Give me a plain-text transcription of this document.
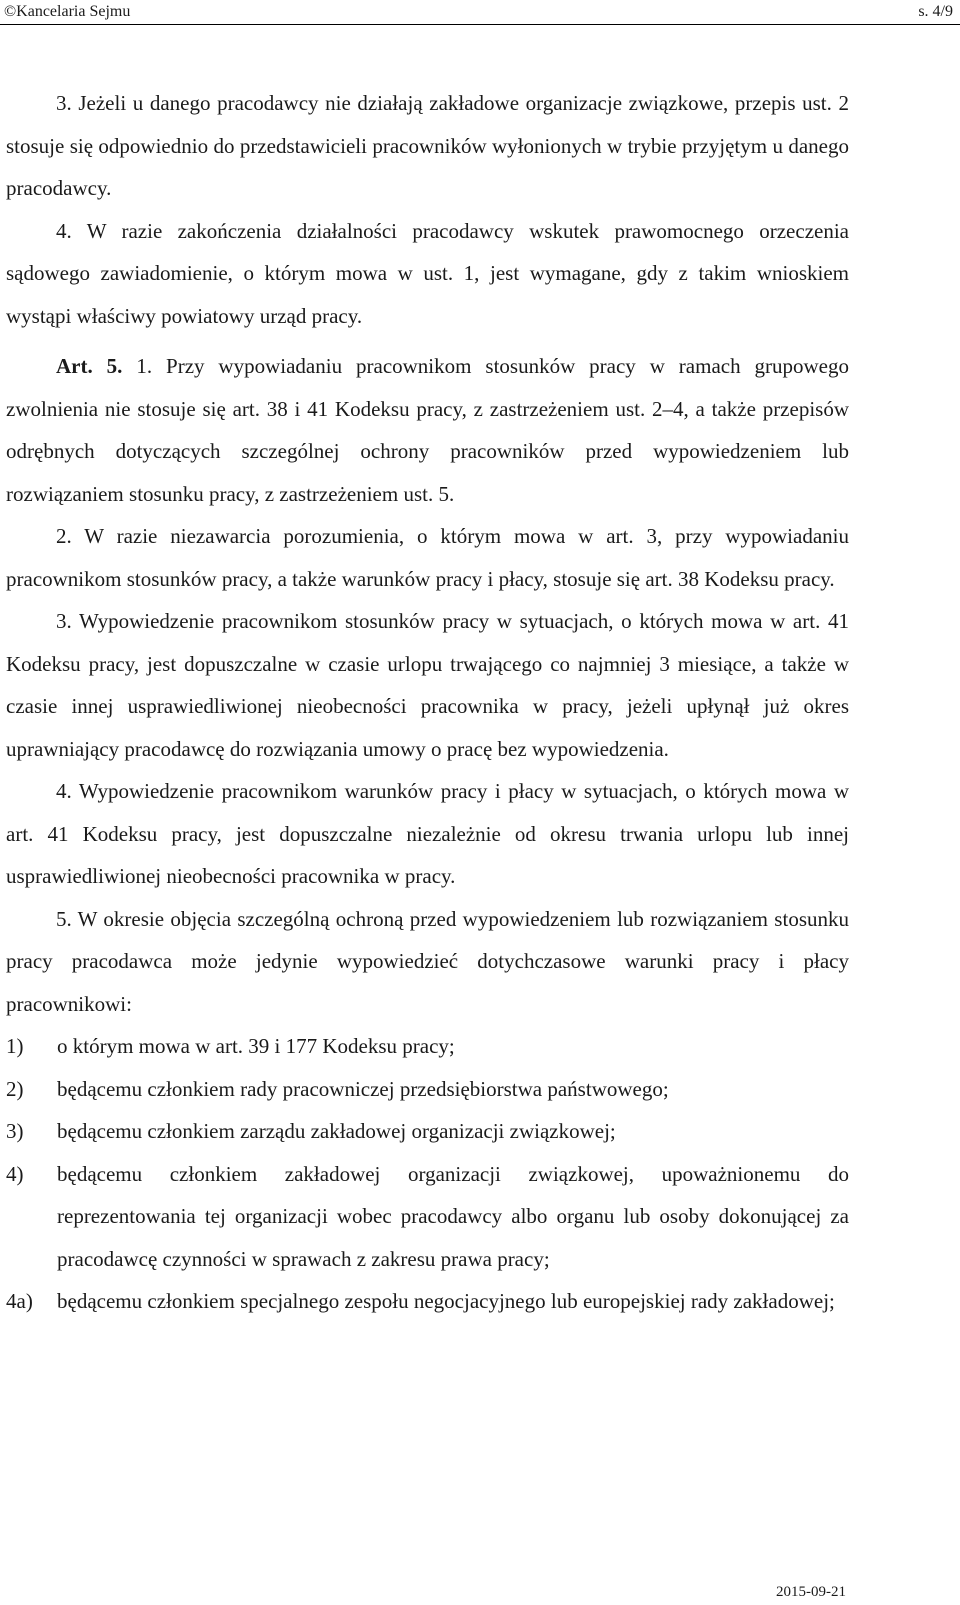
©Kancelaria Sejmu	s. 4/9

3. Jeżeli u danego pracodawcy nie działają zakładowe organizacje związkowe, przepis ust. 2 stosuje się odpowiednio do przedstawicieli pracowników wyłonionych w trybie przyjętym u danego pracodawcy.

4. W razie zakończenia działalności pracodawcy wskutek prawomocnego orzeczenia sądowego zawiadomienie, o którym mowa w ust. 1, jest wymagane, gdy z takim wnioskiem wystąpi właściwy powiatowy urząd pracy.

Art. 5. 1. Przy wypowiadaniu pracownikom stosunków pracy w ramach grupowego zwolnienia nie stosuje się art. 38 i 41 Kodeksu pracy, z zastrzeżeniem ust. 2–4, a także przepisów odrębnych dotyczących szczególnej ochrony pracowników przed wypowiedzeniem lub rozwiązaniem stosunku pracy, z zastrzeżeniem ust. 5.

2. W razie niezawarcia porozumienia, o którym mowa w art. 3, przy wypowiadaniu pracownikom stosunków pracy, a także warunków pracy i płacy, stosuje się art. 38 Kodeksu pracy.

3. Wypowiedzenie pracownikom stosunków pracy w sytuacjach, o których mowa w art. 41 Kodeksu pracy, jest dopuszczalne w czasie urlopu trwającego co najmniej 3 miesiące, a także w czasie innej usprawiedliwionej nieobecności pracownika w pracy, jeżeli upłynął już okres uprawniający pracodawcę do rozwiązania umowy o pracę bez wypowiedzenia.

4. Wypowiedzenie pracownikom warunków pracy i płacy w sytuacjach, o których mowa w art. 41 Kodeksu pracy, jest dopuszczalne niezależnie od okresu trwania urlopu lub innej usprawiedliwionej nieobecności pracownika w pracy.

5. W okresie objęcia szczególną ochroną przed wypowiedzeniem lub rozwiązaniem stosunku pracy pracodawca może jedynie wypowiedzieć dotychczasowe warunki pracy i płacy pracownikowi:

1)	o którym mowa w art. 39 i 177 Kodeksu pracy;
2)	będącemu członkiem rady pracowniczej przedsiębiorstwa państwowego;
3)	będącemu członkiem zarządu zakładowej organizacji związkowej;
4)	będącemu członkiem zakładowej organizacji związkowej, upoważnionemu do reprezentowania tej organizacji wobec pracodawcy albo organu lub osoby dokonującej za pracodawcę czynności w sprawach z zakresu prawa pracy;
4a)	będącemu członkiem specjalnego zespołu negocjacyjnego lub europejskiej rady zakładowej;
2015-09-21
